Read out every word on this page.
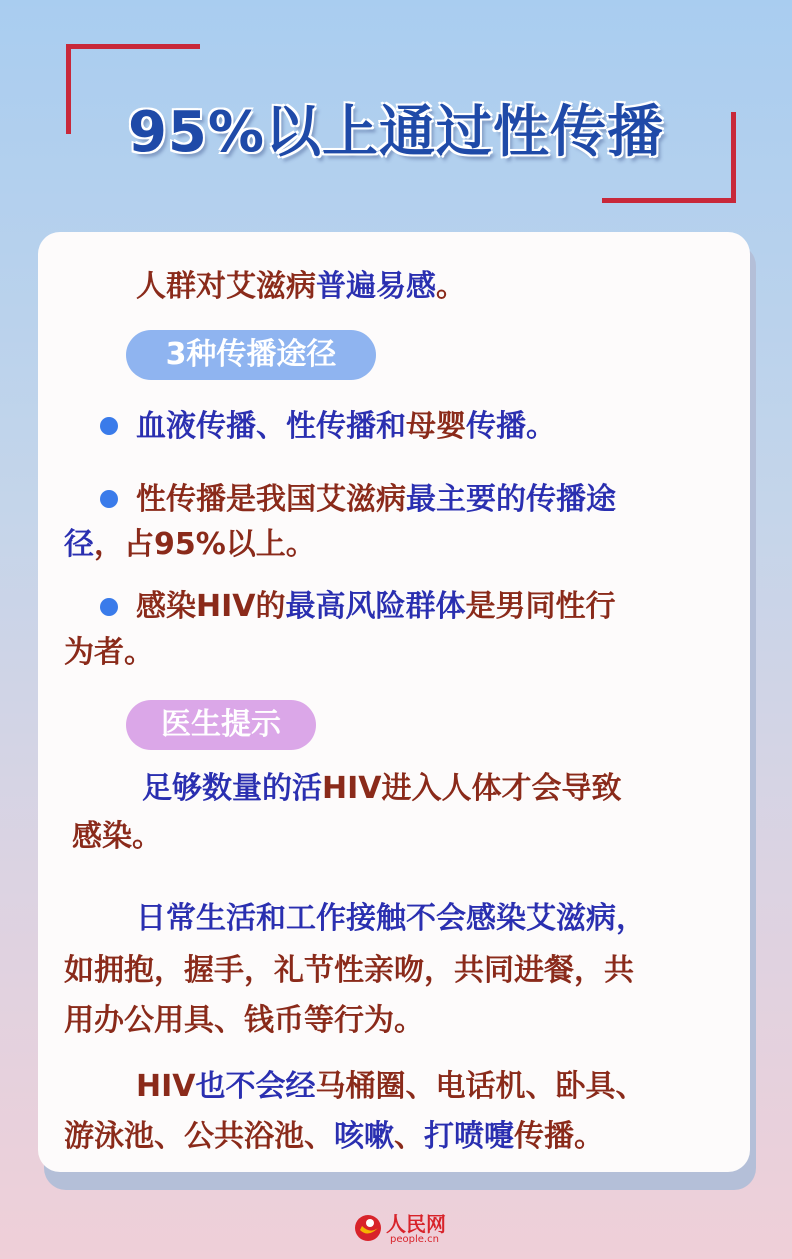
95%以上通过性传播
人群对艾滋病普遍易感。
3种传播途径
血液传播、性传播和母婴传播。
性传播是我国艾滋病最主要的传播途
径，占95%以上。
感染HIV的最高风险群体是男同性行
为者。
医生提示
足够数量的活HIV进入人体才会导致
感染。
日常生活和工作接触不会感染艾滋病，
如拥抱，握手，礼节性亲吻，共同进餐，共
用办公用具、钱币等行为。
HIV也不会经马桶圈、电话机、卧具、
游泳池、公共浴池、咳嗽、打喷嚏传播。
人民网
people.cn
